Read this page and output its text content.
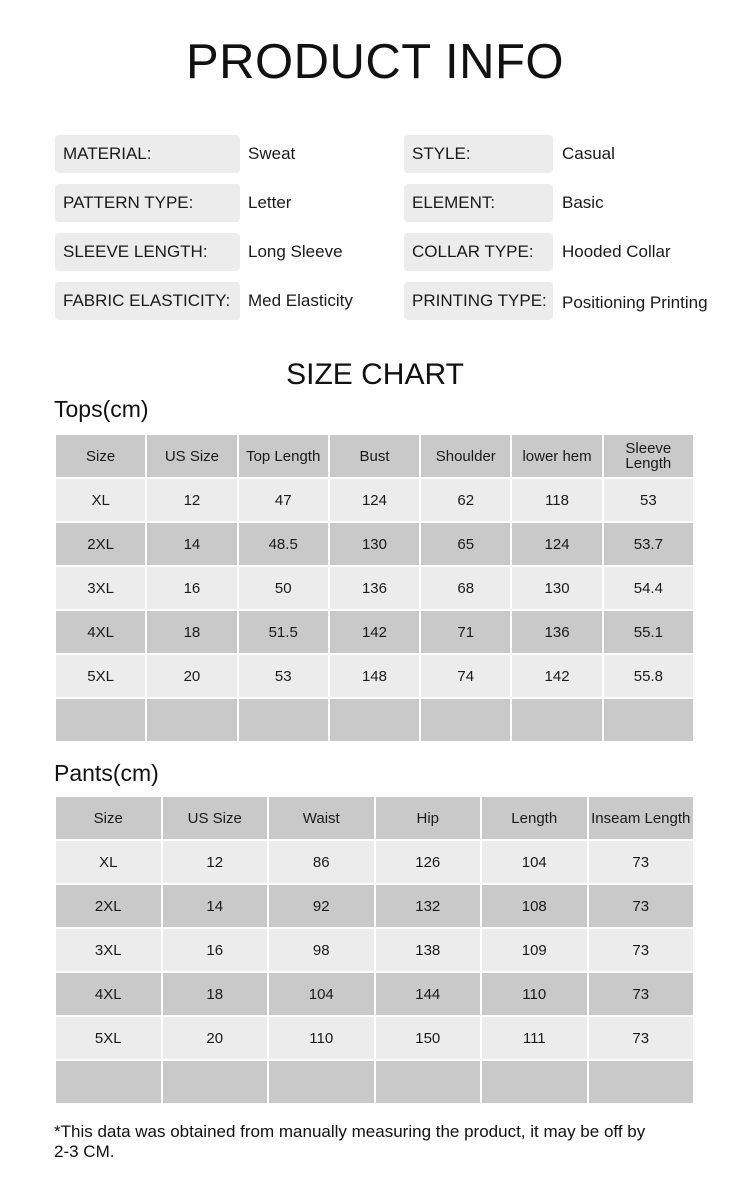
PRODUCT INFO
MATERIAL:	Sweat	STYLE:	Casual
PATTERN TYPE:	Letter	ELEMENT:	Basic
SLEEVE LENGTH:	Long Sleeve	COLLAR TYPE:	Hooded Collar
FABRIC ELASTICITY:	Med Elasticity	PRINTING TYPE: Positioning Printing
SIZE CHART
Tops(cm)
Size	US Size	Top Length	Bust	Shoulder	lower hem	Sleeve Length
XL	12	47	124	62	118	53
2XL	14	48.5	130	65	124	53.7
3XL	16	50	136	68	130	54.4
4XL	18	51.5	142	71	136	55.1
5XL	20	53	148	74	142	55.8

Pants(cm)
Size	US Size	Waist	Hip	Length	Inseam Length
XL	12	86	126	104	73
2XL	14	92	132	108	73
3XL	16	98	138	109	73
4XL	18	104	144	110	73
5XL	20	110	150	111	73

*This data was obtained from manually measuring the product, it may be off by 2-3 CM.
